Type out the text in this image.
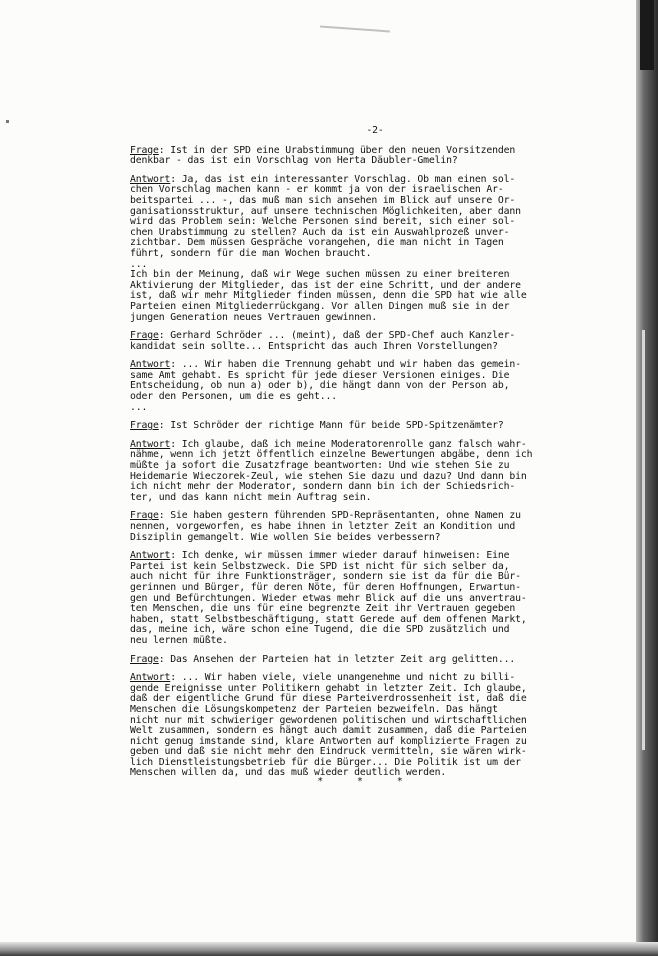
-2-
Frage: Ist in der SPD eine Urabstimmung über den neuen Vorsitzenden
denkbar - das ist ein Vorschlag von Herta Däubler-Gmelin?
Antwort: Ja, das ist ein interessanter Vorschlag. Ob man einen sol-
chen Vorschlag machen kann - er kommt ja von der israelischen Ar-
beitspartei ... -, das muß man sich ansehen im Blick auf unsere Or-
ganisationsstruktur, auf unsere technischen Möglichkeiten, aber dann
wird das Problem sein: Welche Personen sind bereit, sich einer sol-
chen Urabstimmung zu stellen? Auch da ist ein Auswahlprozeß unver-
zichtbar. Dem müssen Gespräche vorangehen, die man nicht in Tagen
führt, sondern für die man Wochen braucht.
...
Ich bin der Meinung, daß wir Wege suchen müssen zu einer breiteren
Aktivierung der Mitglieder, das ist der eine Schritt, und der andere
ist, daß wir mehr Mitglieder finden müssen, denn die SPD hat wie alle
Parteien einen Mitgliederrückgang. Vor allen Dingen muß sie in der
jungen Generation neues Vertrauen gewinnen.
Frage: Gerhard Schröder ... (meint), daß der SPD-Chef auch Kanzler-
kandidat sein sollte... Entspricht das auch Ihren Vorstellungen?
Antwort: ... Wir haben die Trennung gehabt und wir haben das gemein-
same Amt gehabt. Es spricht für jede dieser Versionen einiges. Die
Entscheidung, ob nun a) oder b), die hängt dann von der Person ab,
oder den Personen, um die es geht...
...
Frage: Ist Schröder der richtige Mann für beide SPD-Spitzenämter?
Antwort: Ich glaube, daß ich meine Moderatorenrolle ganz falsch wahr-
nähme, wenn ich jetzt öffentlich einzelne Bewertungen abgäbe, denn ich
müßte ja sofort die Zusatzfrage beantworten: Und wie stehen Sie zu
Heidemarie Wieczorek-Zeul, wie stehen Sie dazu und dazu? Und dann bin
ich nicht mehr der Moderator, sondern dann bin ich der Schiedsrich-
ter, und das kann nicht mein Auftrag sein.
Frage: Sie haben gestern führenden SPD-Repräsentanten, ohne Namen zu
nennen, vorgeworfen, es habe ihnen in letzter Zeit an Kondition und
Disziplin gemangelt. Wie wollen Sie beides verbessern?
Antwort: Ich denke, wir müssen immer wieder darauf hinweisen: Eine
Partei ist kein Selbstzweck. Die SPD ist nicht für sich selber da,
auch nicht für ihre Funktionsträger, sondern sie ist da für die Bür-
gerinnen und Bürger, für deren Nöte, für deren Hoffnungen, Erwartun-
gen und Befürchtungen. Wieder etwas mehr Blick auf die uns anvertrau-
ten Menschen, die uns für eine begrenzte Zeit ihr Vertrauen gegeben
haben, statt Selbstbeschäftigung, statt Gerede auf dem offenen Markt,
das, meine ich, wäre schon eine Tugend, die die SPD zusätzlich und
neu lernen müßte.
Frage: Das Ansehen der Parteien hat in letzter Zeit arg gelitten...
Antwort: ... Wir haben viele, viele unangenehme und nicht zu billi-
gende Ereignisse unter Politikern gehabt in letzter Zeit. Ich glaube,
daß der eigentliche Grund für diese Parteiverdrossenheit ist, daß die
Menschen die Lösungskompetenz der Parteien bezweifeln. Das hängt
nicht nur mit schwieriger gewordenen politischen und wirtschaftlichen
Welt zusammen, sondern es hängt auch damit zusammen, daß die Parteien
nicht genug imstande sind, klare Antworten auf komplizierte Fragen zu
geben und daß sie nicht mehr den Eindruck vermitteln, sie wären wirk-
lich Dienstleistungsbetrieb für die Bürger... Die Politik ist um der
Menschen willen da, und das muß wieder deutlich werden.
* * *
